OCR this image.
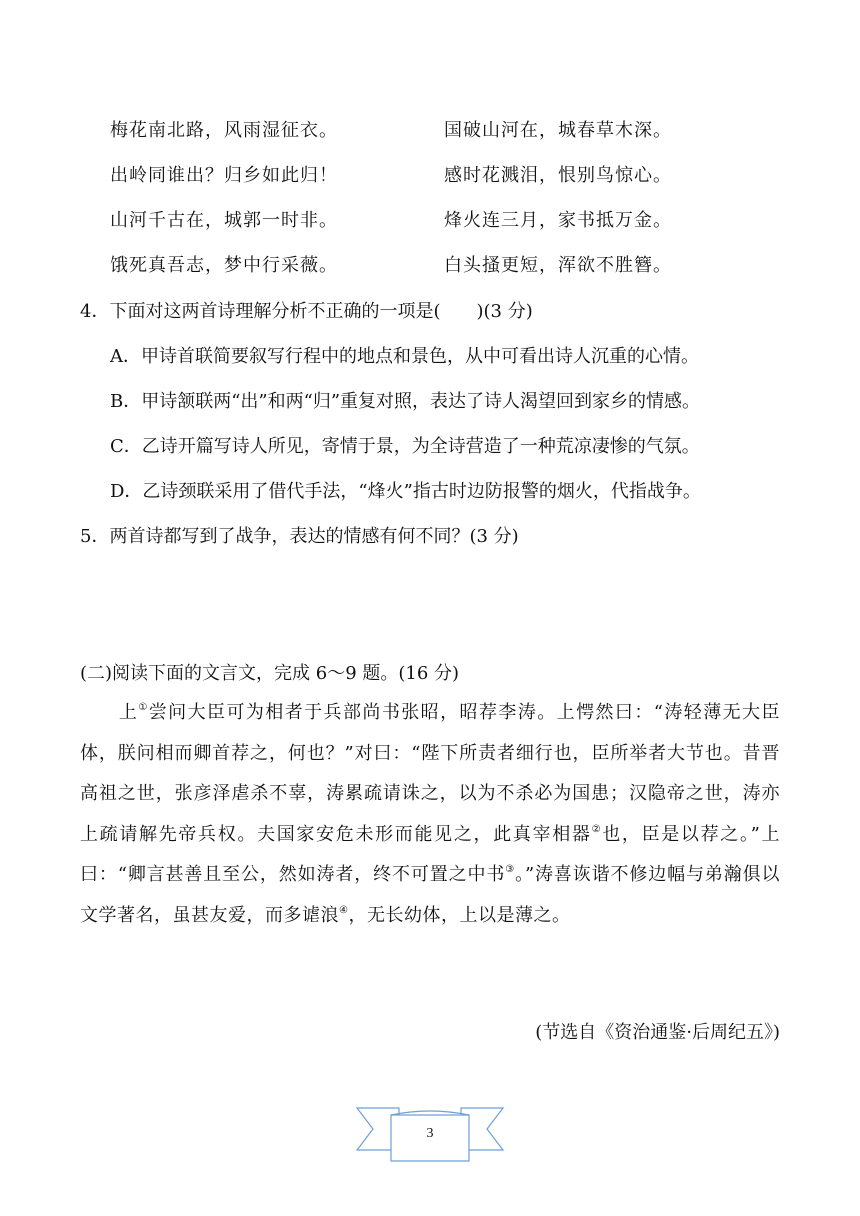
梅花南北路，风雨湿征衣。
出岭同谁出？归乡如此归！
山河千古在，城郭一时非。
饿死真吾志，梦中行采薇。
国破山河在，城春草木深。
感时花溅泪，恨别鸟惊心。
烽火连三月，家书抵万金。
白头搔更短，浑欲不胜簪。
4．下面对这两首诗理解分析不正确的一项是(　　)(3 分)
A．甲诗首联简要叙写行程中的地点和景色，从中可看出诗人沉重的心情。
B．甲诗颔联两“出”和两“归”重复对照，表达了诗人渴望回到家乡的情感。
C．乙诗开篇写诗人所见，寄情于景，为全诗营造了一种荒凉凄惨的气氛。
D．乙诗颈联采用了借代手法，“烽火”指古时边防报警的烟火，代指战争。
5．两首诗都写到了战争，表达的情感有何不同？(3 分)
(二)阅读下面的文言文，完成 6～9 题。(16 分)

上①尝问大臣可为相者于兵部尚书张昭，昭荐李涛。上愕然曰：“涛轻薄无大臣体，朕问相而卿首荐之，何也？”对曰：“陛下所责者细行也，臣所举者大节也。昔晋高祖之世，张彦泽虐杀不辜，涛累疏请诛之，以为不杀必为国患；汉隐帝之世，涛亦上疏请解先帝兵权。夫国家安危未形而能见之，此真宰相器②也，臣是以荐之。”上曰：“卿言甚善且至公，然如涛者，终不可置之中书③。”涛喜诙谐不修边幅与弟瀚俱以文学著名，虽甚友爱，而多谑浪④，无长幼体，上以是薄之。

(节选自《资治通鉴·后周纪五》)
3
